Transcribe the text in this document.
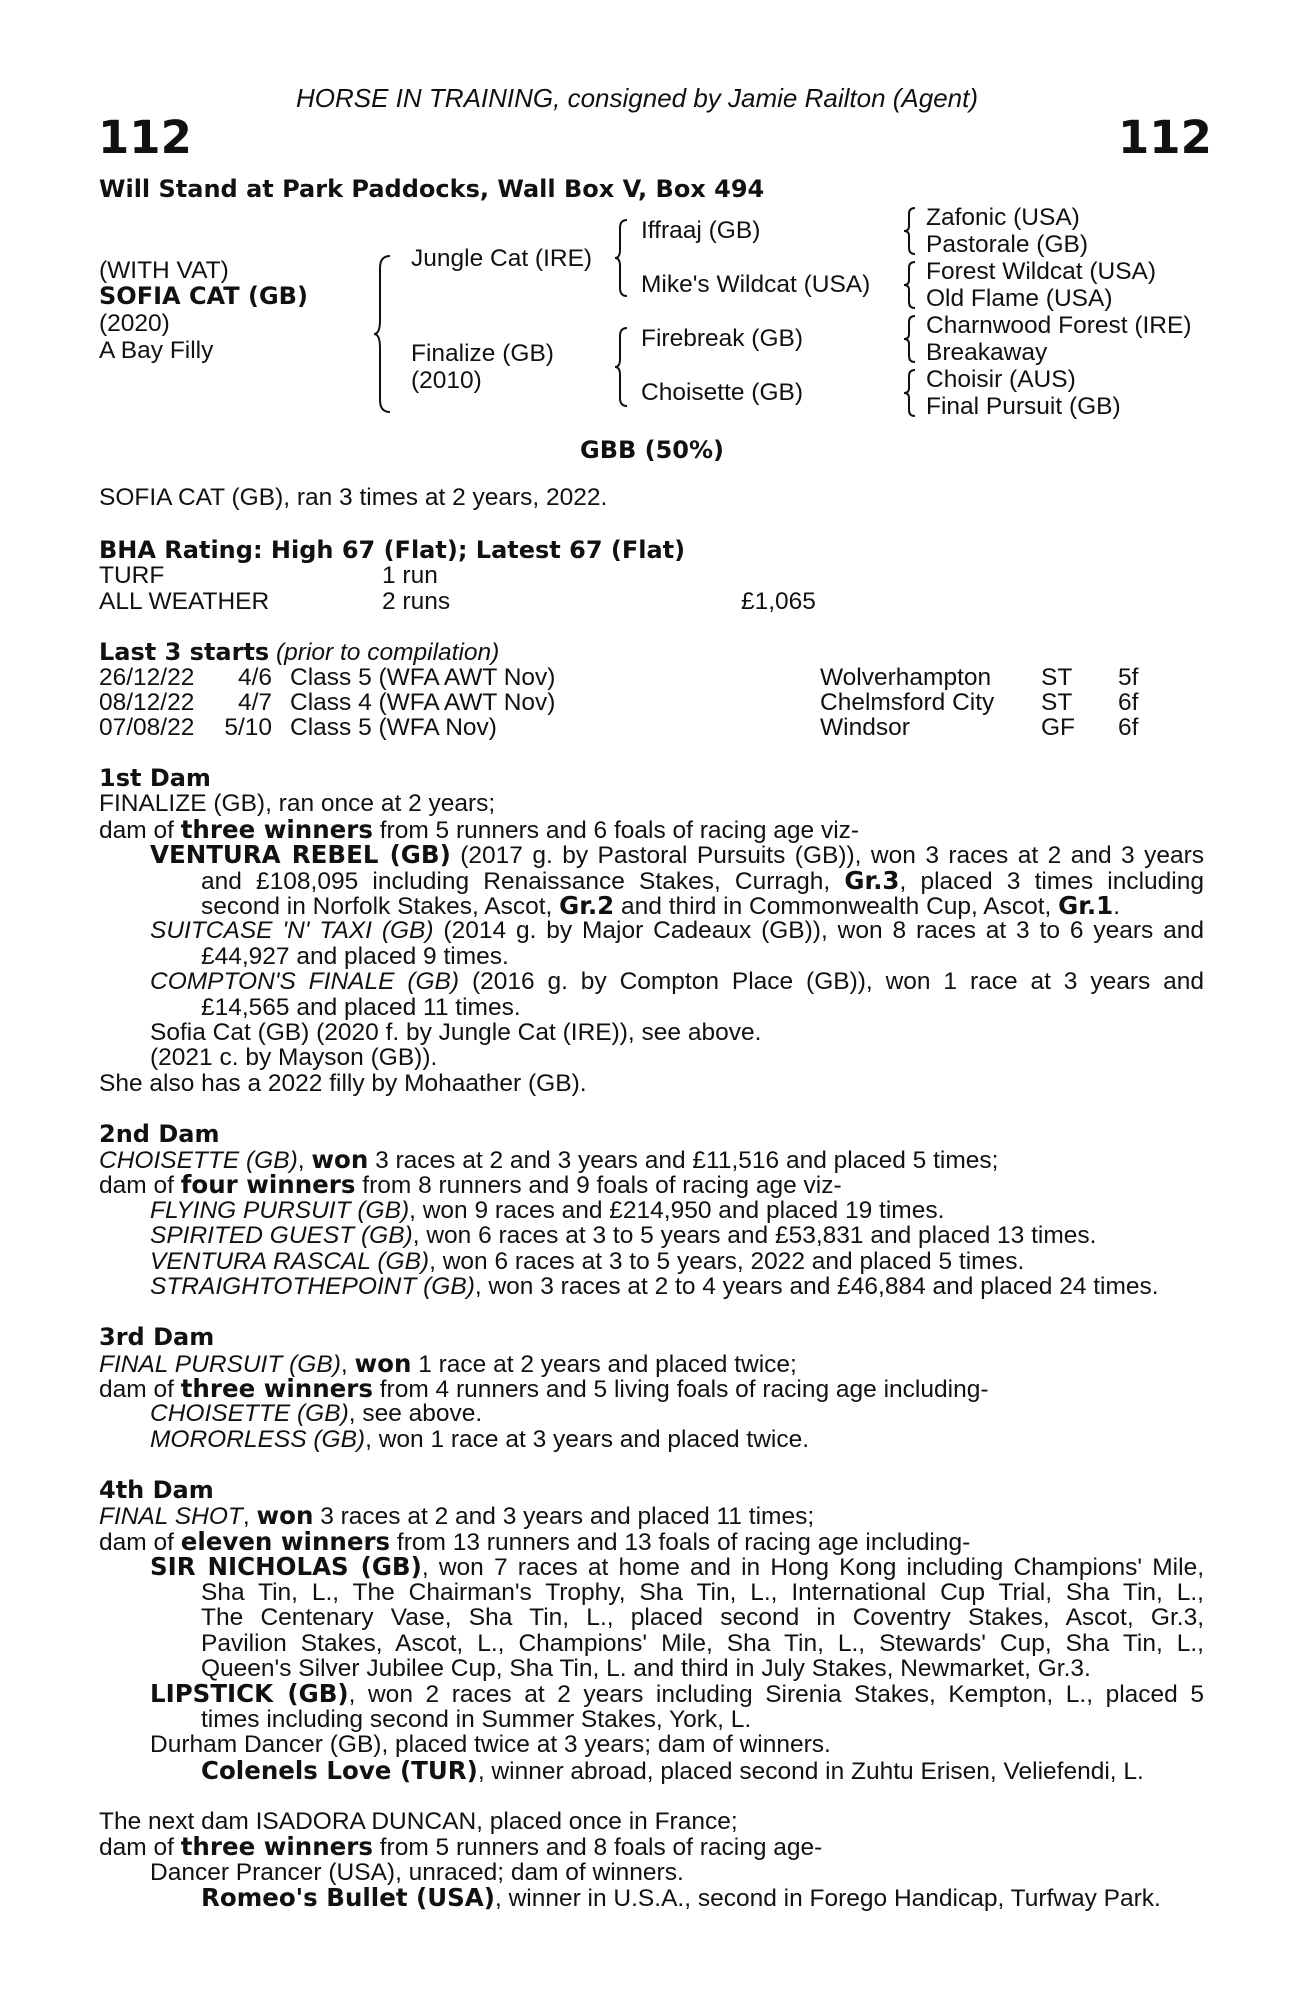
HORSE IN TRAINING, consigned by Jamie Railton (Agent)
112	112
Will Stand at Park Paddocks, Wall Box V, Box 494
(WITH VAT)
SOFIA CAT (GB)
(2020)
A Bay Filly
Jungle Cat (IRE)
Finalize (GB)
(2010)
Iffraaj (GB)
Mike's Wildcat (USA)
Firebreak (GB)
Choisette (GB)
Zafonic (USA)
Pastorale (GB)
Forest Wildcat (USA)
Old Flame (USA)
Charnwood Forest (IRE)
Breakaway
Choisir (AUS)
Final Pursuit (GB)
GBB (50%)
SOFIA CAT (GB), ran 3 times at 2 years, 2022.
BHA Rating: High 67 (Flat); Latest 67 (Flat)
TURF	1 run
ALL WEATHER	2 runs	£1,065
Last 3 starts (prior to compilation)
26/12/22	4/6 Class 5 (WFA AWT Nov)	Wolverhampton ST 5f
08/12/22	4/7 Class 4 (WFA AWT Nov)	Chelmsford City ST 6f
07/08/22 5/10 Class 5 (WFA Nov)	Windsor	GF 6f
1st Dam
FINALIZE (GB), ran once at 2 years;
dam of three winners from 5 runners and 6 foals of racing age viz-
VENTURA REBEL (GB) (2017 g. by Pastoral Pursuits (GB)), won 3 races at 2 and 3 years
and £108,095 including Renaissance Stakes, Curragh, Gr.3, placed 3 times including
second in Norfolk Stakes, Ascot, Gr.2 and third in Commonwealth Cup, Ascot, Gr.1.
SUITCASE 'N' TAXI (GB) (2014 g. by Major Cadeaux (GB)), won 8 races at 3 to 6 years and
£44,927 and placed 9 times.
COMPTON'S FINALE (GB) (2016 g. by Compton Place (GB)), won 1 race at 3 years and
£14,565 and placed 11 times.
Sofia Cat (GB) (2020 f. by Jungle Cat (IRE)), see above.
(2021 c. by Mayson (GB)).
She also has a 2022 filly by Mohaather (GB).
2nd Dam
CHOISETTE (GB), won 3 races at 2 and 3 years and £11,516 and placed 5 times;
dam of four winners from 8 runners and 9 foals of racing age viz-
FLYING PURSUIT (GB), won 9 races and £214,950 and placed 19 times.
SPIRITED GUEST (GB), won 6 races at 3 to 5 years and £53,831 and placed 13 times.
VENTURA RASCAL (GB), won 6 races at 3 to 5 years, 2022 and placed 5 times.
STRAIGHTOTHEPOINT (GB), won 3 races at 2 to 4 years and £46,884 and placed 24 times.
3rd Dam
FINAL PURSUIT (GB), won 1 race at 2 years and placed twice;
dam of three winners from 4 runners and 5 living foals of racing age including-
CHOISETTE (GB), see above.
MORORLESS (GB), won 1 race at 3 years and placed twice.
4th Dam
FINAL SHOT, won 3 races at 2 and 3 years and placed 11 times;
dam of eleven winners from 13 runners and 13 foals of racing age including-
SIR NICHOLAS (GB), won 7 races at home and in Hong Kong including Champions' Mile,
Sha Tin, L., The Chairman's Trophy, Sha Tin, L., International Cup Trial, Sha Tin, L.,
The Centenary Vase, Sha Tin, L., placed second in Coventry Stakes, Ascot, Gr.3,
Pavilion Stakes, Ascot, L., Champions' Mile, Sha Tin, L., Stewards' Cup, Sha Tin, L.,
Queen's Silver Jubilee Cup, Sha Tin, L. and third in July Stakes, Newmarket, Gr.3.
LIPSTICK (GB), won 2 races at 2 years including Sirenia Stakes, Kempton, L., placed 5
times including second in Summer Stakes, York, L.
Durham Dancer (GB), placed twice at 3 years; dam of winners.
Colenels Love (TUR), winner abroad, placed second in Zuhtu Erisen, Veliefendi, L.
The next dam ISADORA DUNCAN, placed once in France;
dam of three winners from 5 runners and 8 foals of racing age-
Dancer Prancer (USA), unraced; dam of winners.
Romeo's Bullet (USA), winner in U.S.A., second in Forego Handicap, Turfway Park.
